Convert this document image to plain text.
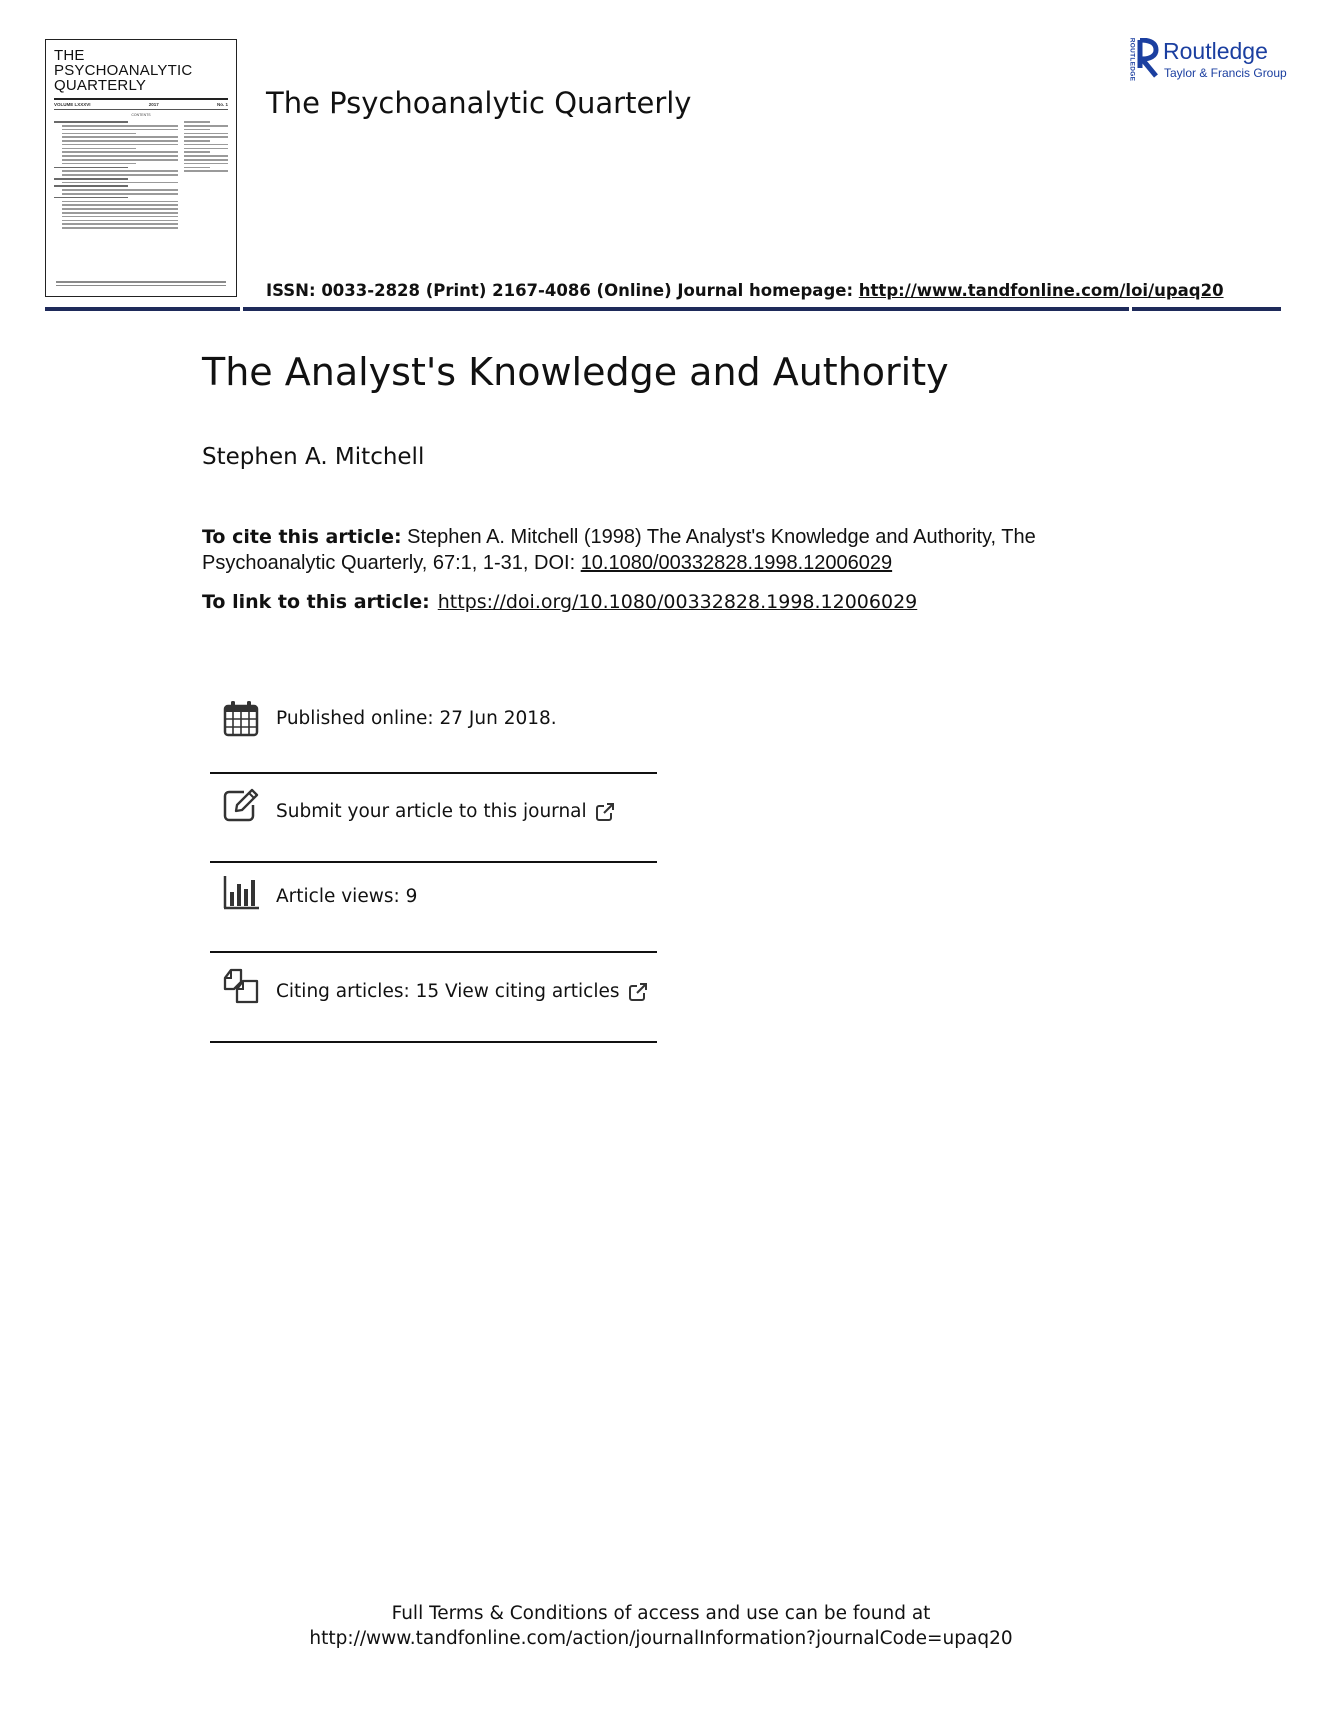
THE
PSYCHOANALYTIC
QUARTERLY
VOLUME LXXXVI	2017	No. 1
CONTENTS	The Psychoanalytic Quarterly
ISSN: 0033-2828 (Print) 2167-4086 (Online) Journal homepage: http://www.tandfonline.com/loi/upaq20
ROUTLEDGE Routledge
Taylor & Francis Group
The Analyst's Knowledge and Authority
Stephen A. Mitchell
To cite this article: Stephen A. Mitchell (1998) The Analyst's Knowledge and Authority, The Psychoanalytic Quarterly, 67:1, 1-31, DOI: 10.1080/00332828.1998.12006029
To link to this article: https://doi.org/10.1080/00332828.1998.12006029
Published online: 27 Jun 2018.
Submit your article to this journal
Article views: 9
Citing articles: 15 View citing articles
Full Terms & Conditions of access and use can be found at
http://www.tandfonline.com/action/journalInformation?journalCode=upaq20
